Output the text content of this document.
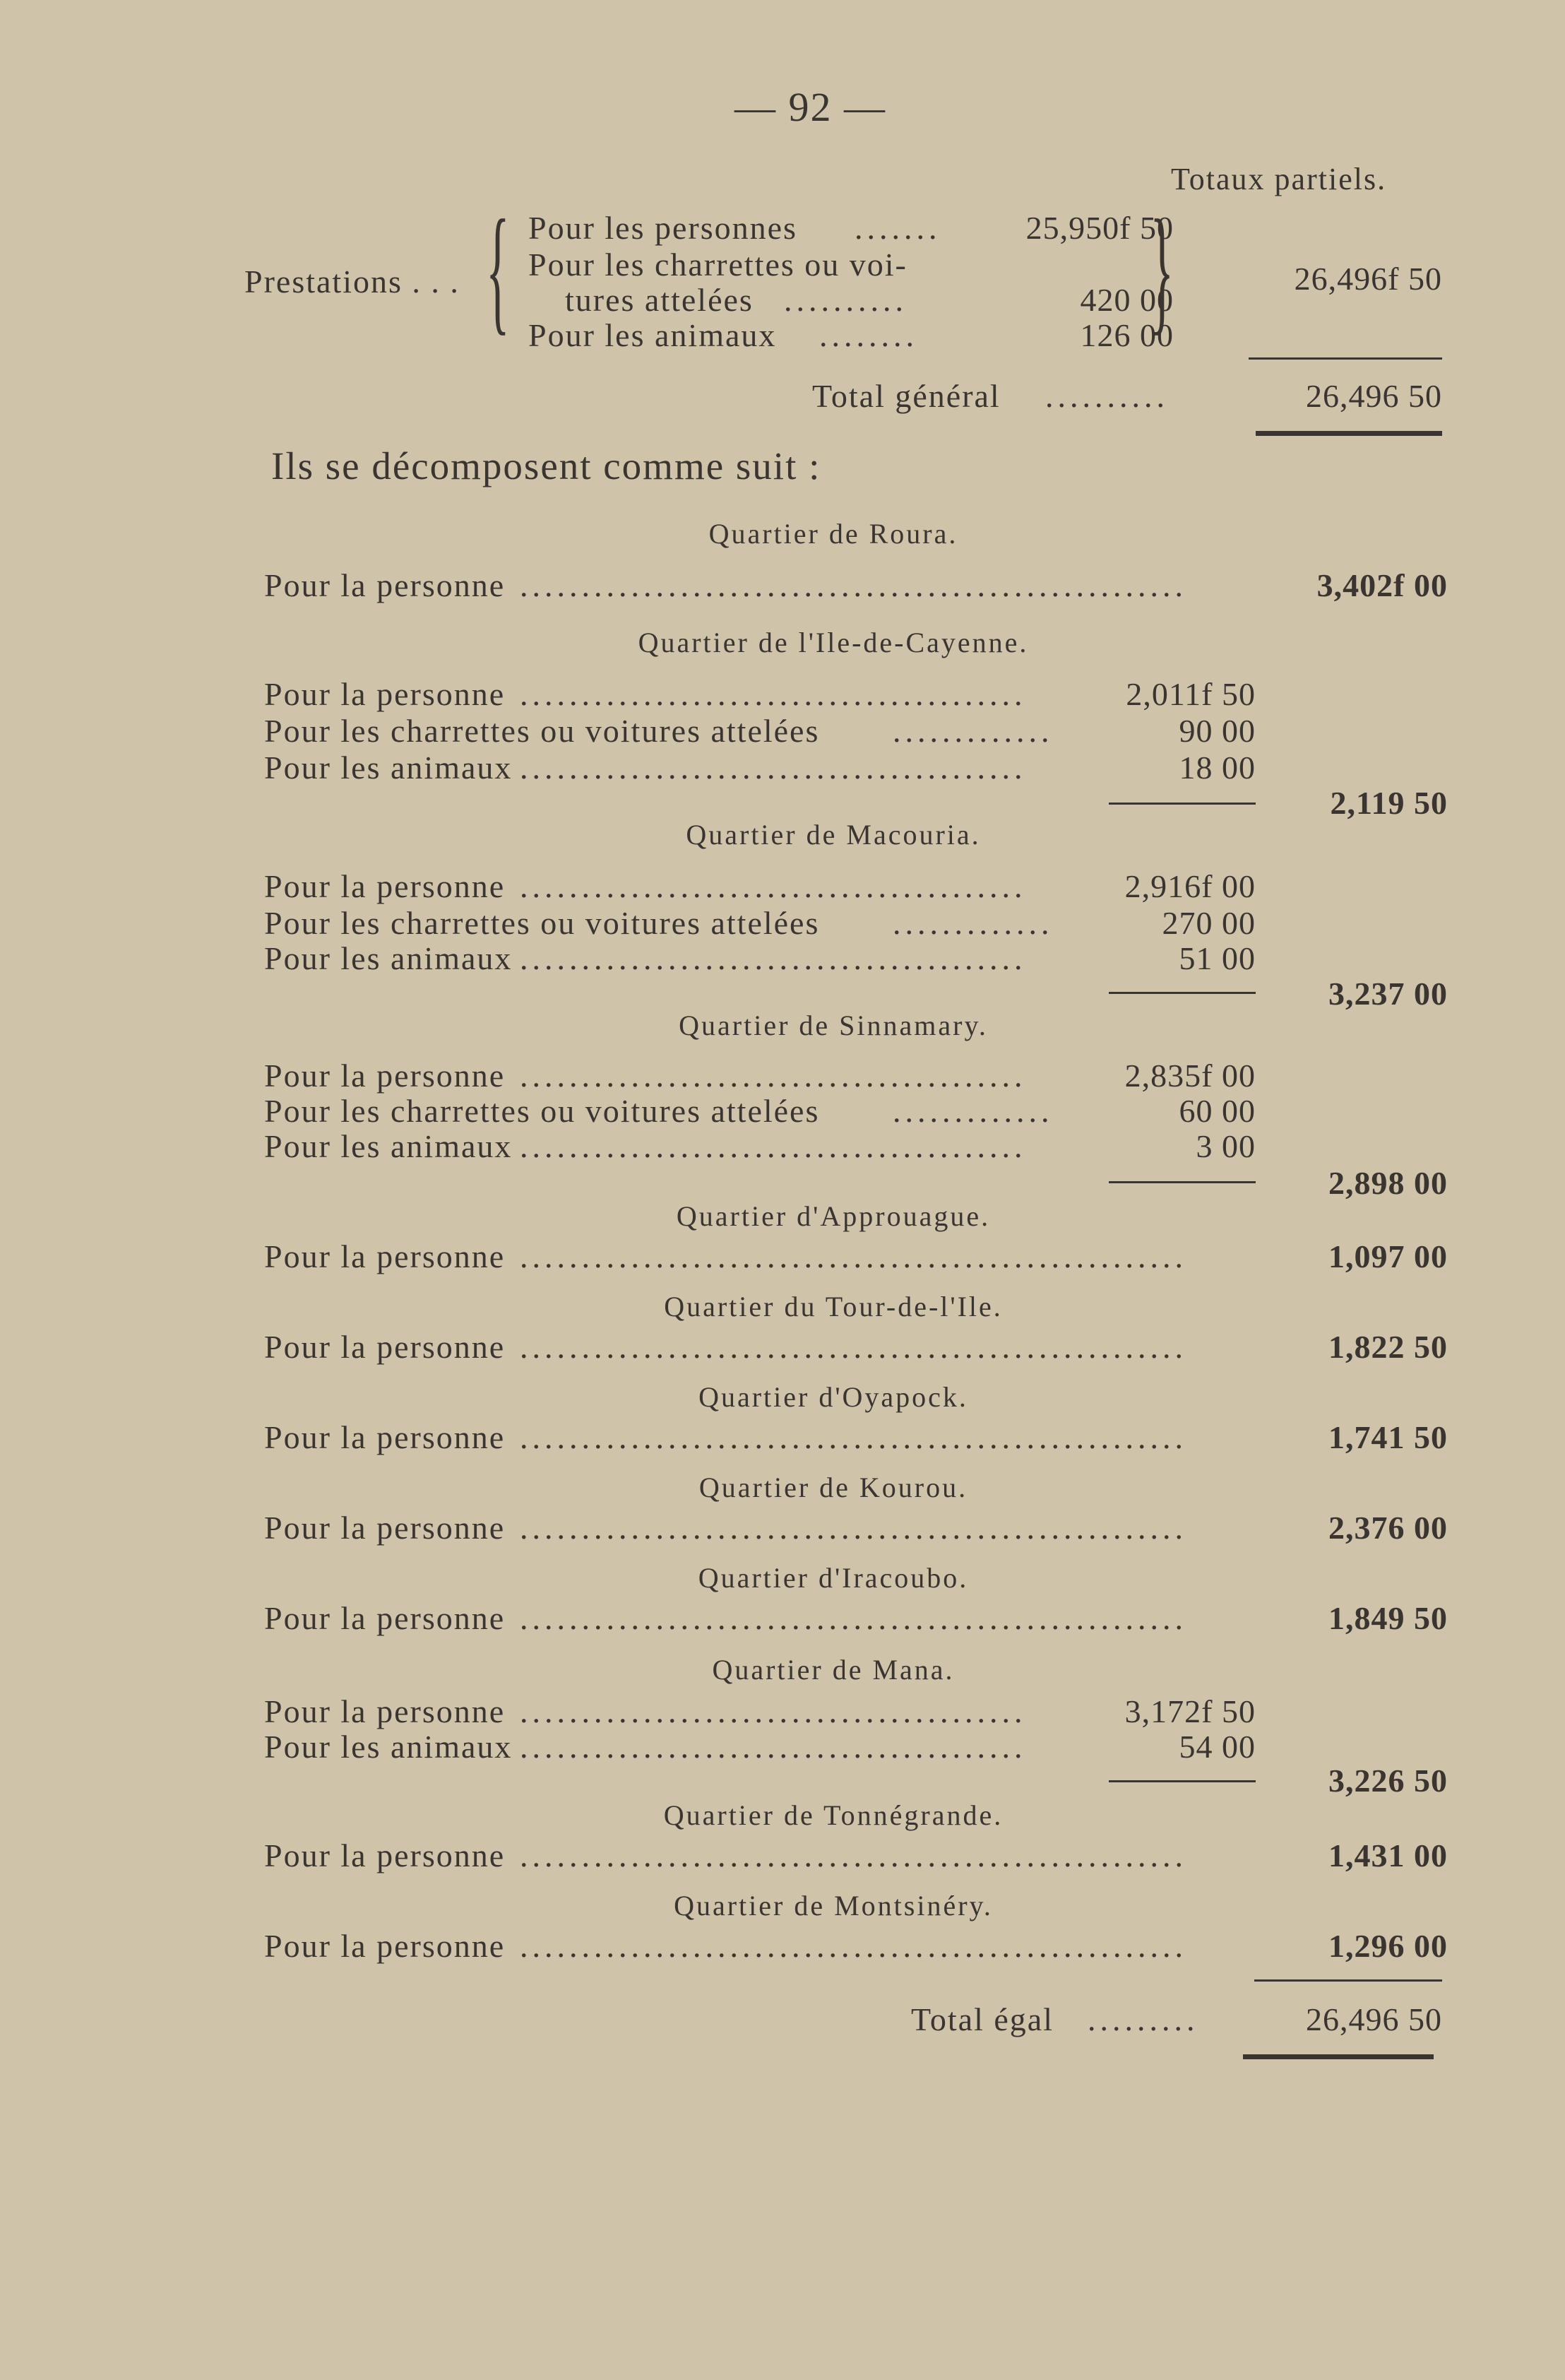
— 92 —
Totaux partiels.
Prestations . . . { Pour les personnes .......	25,950f 50
Pour les charrettes ou voi-
tures attelées ..........	420 00
Pour les animaux ........	126 00
{	26,496f 50
Total général ..........	26,496 50
Ils se décomposent comme suit :
Quartier de Roura.
Pour la personne ......................................................	3,402f 00
Quartier de l'Ile-de-Cayenne.
Pour la personne .........................................	2,011f 50
Pour les charrettes ou voitures attelées .............	90 00
Pour les animaux .........................................	18 00
2,119 50
Quartier de Macouria.
Pour la personne .........................................	2,916f 00
Pour les charrettes ou voitures attelées .............	270 00
Pour les animaux .........................................	51 00
3,237 00
Quartier de Sinnamary.
Pour la personne .........................................	2,835f 00
Pour les charrettes ou voitures attelées .............	60 00
Pour les animaux .........................................	3 00
2,898 00
Quartier d'Approuague.
Pour la personne ......................................................	1,097 00
Quartier du Tour-de-l'Ile.
Pour la personne ......................................................	1,822 50
Quartier d'Oyapock.
Pour la personne ......................................................	1,741 50
Quartier de Kourou.
Pour la personne ......................................................	2,376 00
Quartier d'Iracoubo.
Pour la personne ......................................................	1,849 50
Quartier de Mana.
Pour la personne .........................................	3,172f 50
Pour les animaux .........................................	54 00
3,226 50
Quartier de Tonnégrande.
Pour la personne ......................................................	1,431 00
Quartier de Montsinéry.
Pour la personne ......................................................	1,296 00
Total égal .........	26,496 50
